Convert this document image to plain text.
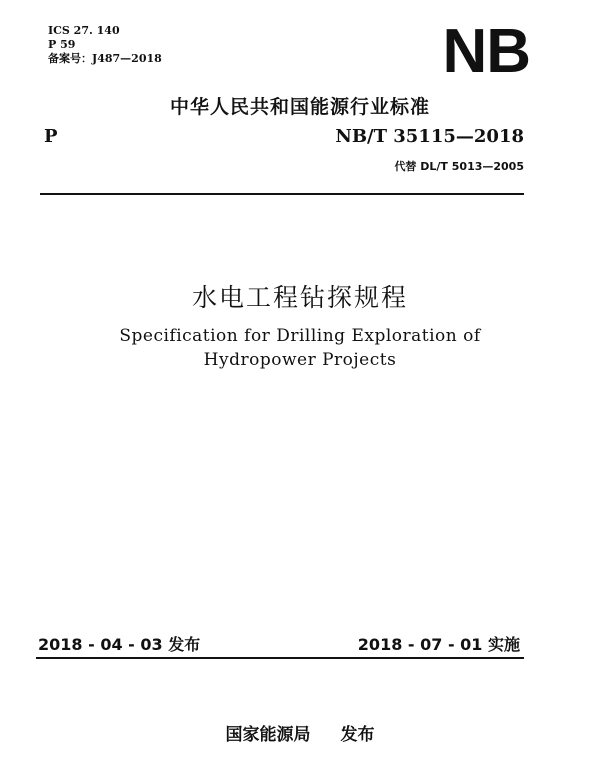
ICS 27. 140
P 59
备案号：J487—2018	NB
中华人民共和国能源行业标准
P	NB/T 35115—2018
代替 DL/T 5013—2005
水电工程钻探规程
Specification for Drilling Exploration of
Hydropower Projects
2018 - 04 - 03 发布	2018 - 07 - 01 实施
国家能源局 发布
